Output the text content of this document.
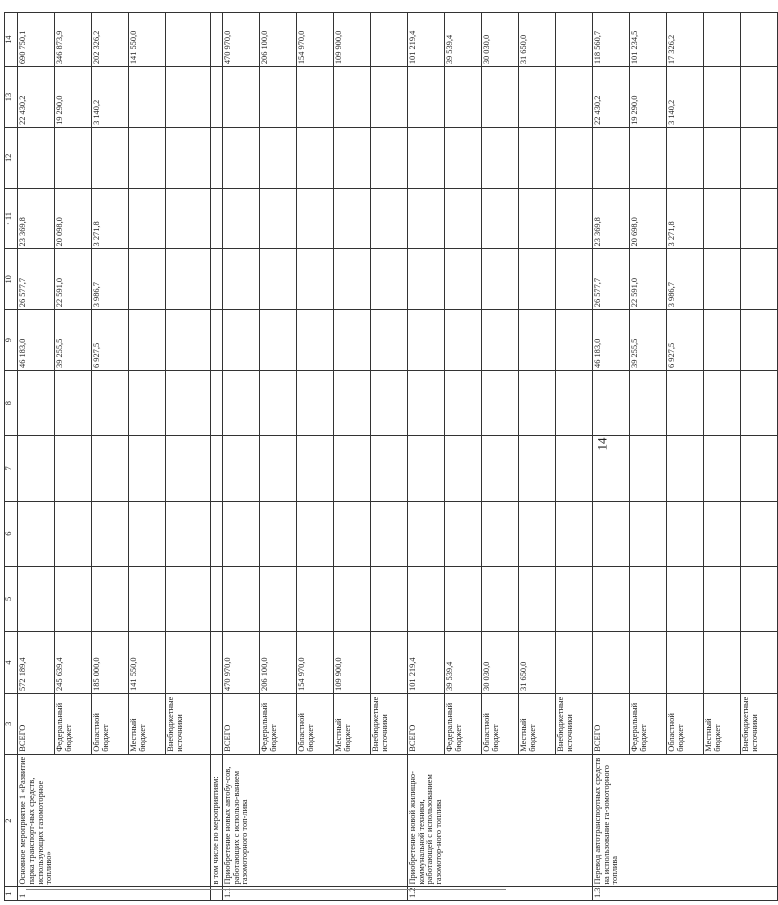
14
1	2	3	4	5	6	7	8	9	10	· 11	12	13	14
1	Основное мероприятие 1 «Развитие парка транспорт-ных средств, использующих газомоторное топливо»	ВСЕГО	572 189,4					46 183,0	26 577,7	23 369,8		22 430,2	690 750,1
		Федеральный бюджет	245 639,4					39 255,5	22 591,0	20 098,0		19 290,0	346 873,9
		Областной бюджет	185 000,0					6 927,5	3 986,7	3 271,8		3 140,2	202 326,2
		Местный бюджет	141 550,0										141 550,0
		Внебюджетные источники											
	в том числе по мероприятиям:												
1.1	Приобретение новых автобу-сов, работающих с использо-ванием газомоторного топ-лива	ВСЕГО	470 970,0										470 970,0
		Федеральный бюджет	206 100,0										206 100,0
		Областной бюджет	154 970,0										154 970,0
		Местный бюджет	109 900,0										109 900,0
		Внебюджетные источники											
1.2	Приобретение новой жилищно-коммунальной техники, работающей с использованием газомотор-ного топлива	ВСЕГО	101 219,4										101 219,4
		Федеральный бюджет	39 539,4										39 539,4
		Областной бюджет	30 030,0										30 030,0
		Местный бюджет	31 650,0										31 650,0
		Внебюджетные источники											
1.3	Перевод автотранспортных средств на использование га-зомоторного топлива	ВСЕГО						46 183,0	26 577,7	23 369,8		22 430,2	118 560,7
		Федеральный бюджет						39 255,5	22 591,0	20 698,0		19 290,0	101 234,5
		Областной бюджет						6 927,5	3 986,7	3 271,8		3 140,2	17 326,2
		Местный бюджет											
		Внебюджетные источники											
